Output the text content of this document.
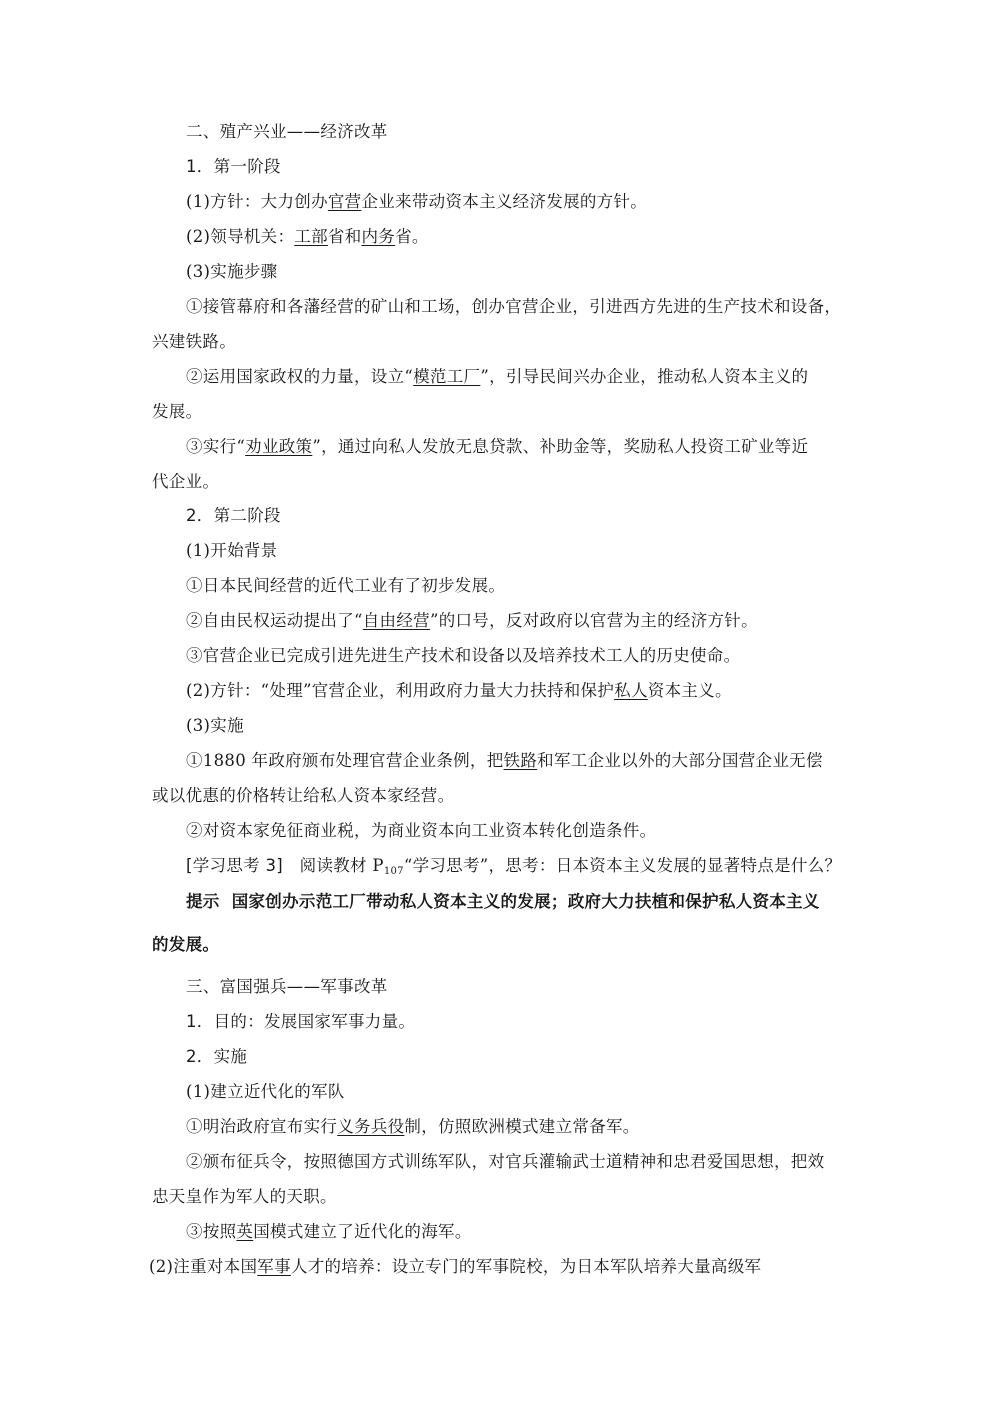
二、殖产兴业——经济改革
1．第一阶段
(1)方针：大力创办官营企业来带动资本主义经济发展的方针。
(2)领导机关：工部省和内务省。
(3)实施步骤
①接管幕府和各藩经营的矿山和工场，创办官营企业，引进西方先进的生产技术和设备，
兴建铁路。
②运用国家政权的力量，设立“模范工厂”，引导民间兴办企业，推动私人资本主义的
发展。
③实行“劝业政策”，通过向私人发放无息贷款、补助金等，奖励私人投资工矿业等近
代企业。
2．第二阶段
(1)开始背景
①日本民间经营的近代工业有了初步发展。
②自由民权运动提出了“自由经营”的口号，反对政府以官营为主的经济方针。
③官营企业已完成引进先进生产技术和设备以及培养技术工人的历史使命。
(2)方针：“处理”官营企业，利用政府力量大力扶持和保护私人资本主义。
(3)实施
①1880 年政府颁布处理官营企业条例，把铁路和军工企业以外的大部分国营企业无偿
或以优惠的价格转让给私人资本家经营。
②对资本家免征商业税，为商业资本向工业资本转化创造条件。
[学习思考 3] 阅读教材 $P_{107}“$学习思考”，思考：日本资本主义发展的显著特点是什么？
提示 国家创办示范工厂带动私人资本主义的发展；政府大力扶植和保护私人资本主义
的发展。
三、富国强兵——军事改革
1．目的：发展国家军事力量。
2．实施
(1)建立近代化的军队
①明治政府宣布实行义务兵役制，仿照欧洲模式建立常备军。
②颁布征兵令，按照德国方式训练军队，对官兵灌输武士道精神和忠君爱国思想，把效
忠天皇作为军人的天职。
③按照英国模式建立了近代化的海军。
(2)注重对本国军事人才的培养：设立专门的军事院校，为日本军队培养大量高级军
